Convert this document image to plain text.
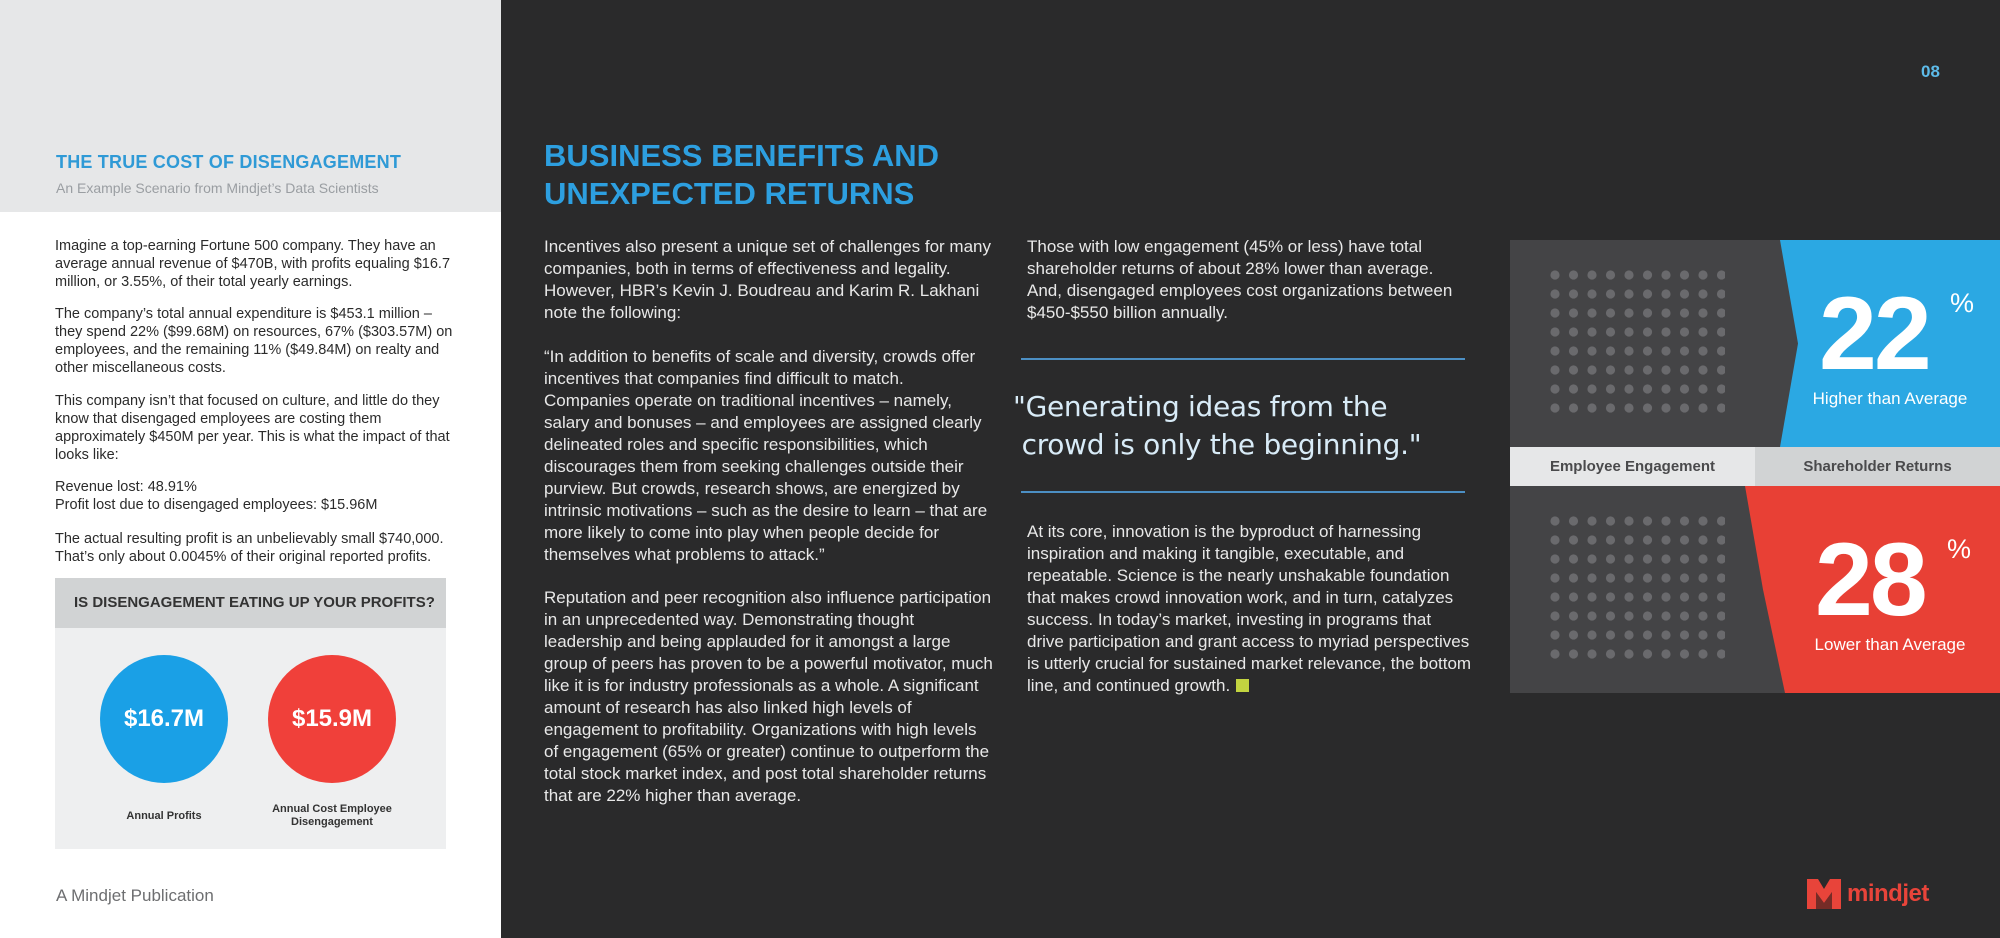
THE TRUE COST OF DISENGAGEMENT

An Example Scenario from Mindjet’s Data Scientists

Imagine a top-earning Fortune 500 company. They have an average annual revenue of $470B, with profits equaling $16.7 million, or 3.55%, of their total yearly earnings.

The company’s total annual expenditure is $453.1 million – they spend 22% ($99.68M) on resources, 67% ($303.57M) on employees, and the remaining 11% ($49.84M) on realty and other miscellaneous costs.

This company isn’t that focused on culture, and little do they know that disengaged employees are costing them approximately $450M per year. This is what the impact of that looks like:

Revenue lost: 48.91%
Profit lost due to disengaged employees: $15.96M

The actual resulting profit is an unbelievably small $740,000. That’s only about 0.0045% of their original reported profits.

IS DISENGAGEMENT EATING UP YOUR PROFITS?
$16.7M	$15.9M
Annual Profits
Annual Cost Employee Disengagement
A Mindjet Publication
08
BUSINESS BENEFITS AND
UNEXPECTED RETURNS

Incentives also present a unique set of challenges for many companies, both in terms of effectiveness and legality. However, HBR’s Kevin J. Boudreau and Karim R. Lakhani note the following:

“In addition to benefits of scale and diversity, crowds offer incentives that companies find difficult to match. Companies operate on traditional incentives – namely, salary and bonuses – and employees are assigned clearly delineated roles and specific responsibilities, which discourages them from seeking challenges outside their purview. But crowds, research shows, are energized by intrinsic motivations – such as the desire to learn – that are more likely to come into play when people decide for themselves what problems to attack.”

Reputation and peer recognition also influence participation in an unprecedented way. Demonstrating thought leadership and being applauded for it amongst a large group of peers has proven to be a powerful motivator, much like it is for industry professionals as a whole. A significant amount of research has also linked high levels of engagement to profitability. Organizations with high levels of engagement (65% or greater) continue to outperform the total stock market index, and post total shareholder returns that are 22% higher than average.

Those with low engagement (45% or less) have total shareholder returns of about 28% lower than average. And, disengaged employees cost organizations between $450-$550 billion annually.

"Generating ideas from the
crowd is only the beginning."

At its core, innovation is the byproduct of harnessing inspiration and making it tangible, executable, and repeatable. Science is the nearly unshakable foundation that makes crowd innovation work, and in turn, catalyzes success. In today’s market, investing in programs that drive participation and grant access to myriad perspectives is utterly crucial for sustained market relevance, the bottom line, and continued growth.

22 %
Higher than Average
Employee Engagement	Shareholder Returns
28 %
Lower than Average
mindjet
